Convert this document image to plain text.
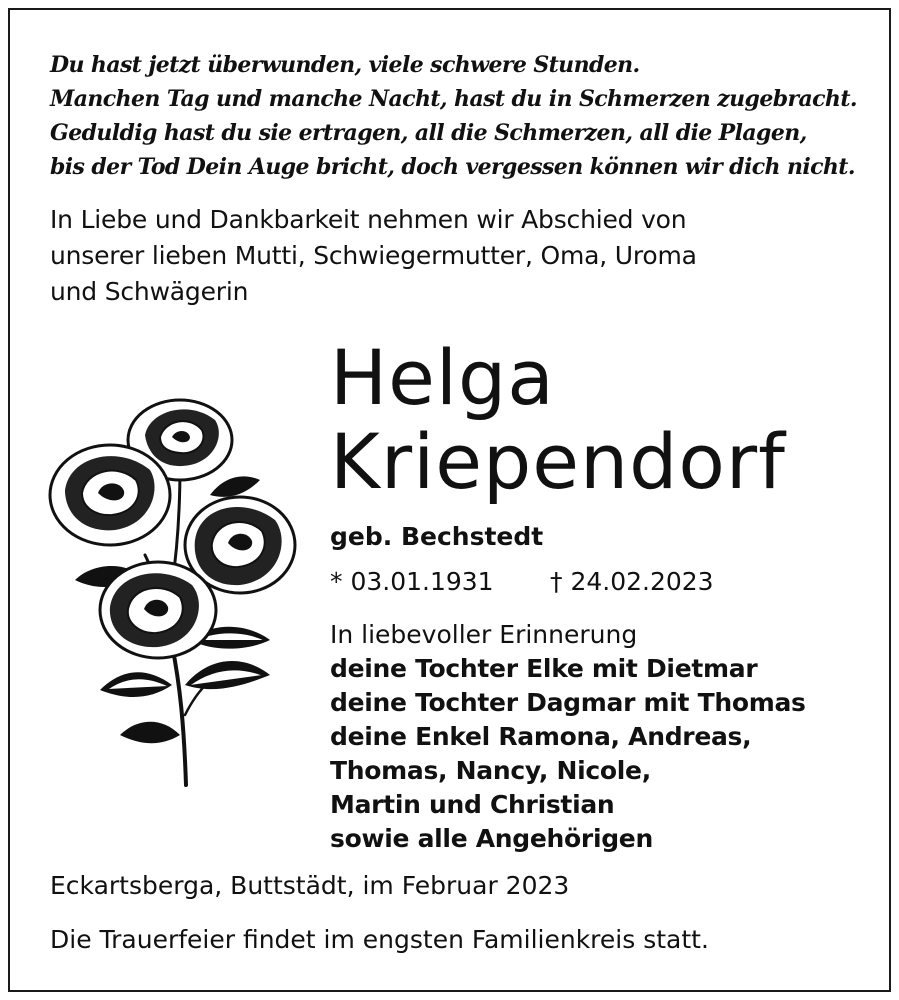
Du hast jetzt überwunden, viele schwere Stunden.
Manchen Tag und manche Nacht, hast du in Schmerzen zugebracht.
Geduldig hast du sie ertragen, all die Schmerzen, all die Plagen,
bis der Tod Dein Auge bricht, doch vergessen können wir dich nicht.
In Liebe und Dankbarkeit nehmen wir Abschied von
unserer lieben Mutti, Schwiegermutter, Oma, Uroma
und Schwägerin
Helga
Kriependorf
geb. Bechstedt
* 03.01.1931 † 24.02.2023
In liebevoller Erinnerung
deine Tochter Elke mit Dietmar
deine Tochter Dagmar mit Thomas
deine Enkel Ramona, Andreas,
Thomas, Nancy, Nicole,
Martin und Christian
sowie alle Angehörigen
Eckartsberga, Buttstädt, im Februar 2023
Die Trauerfeier findet im engsten Familienkreis statt.
